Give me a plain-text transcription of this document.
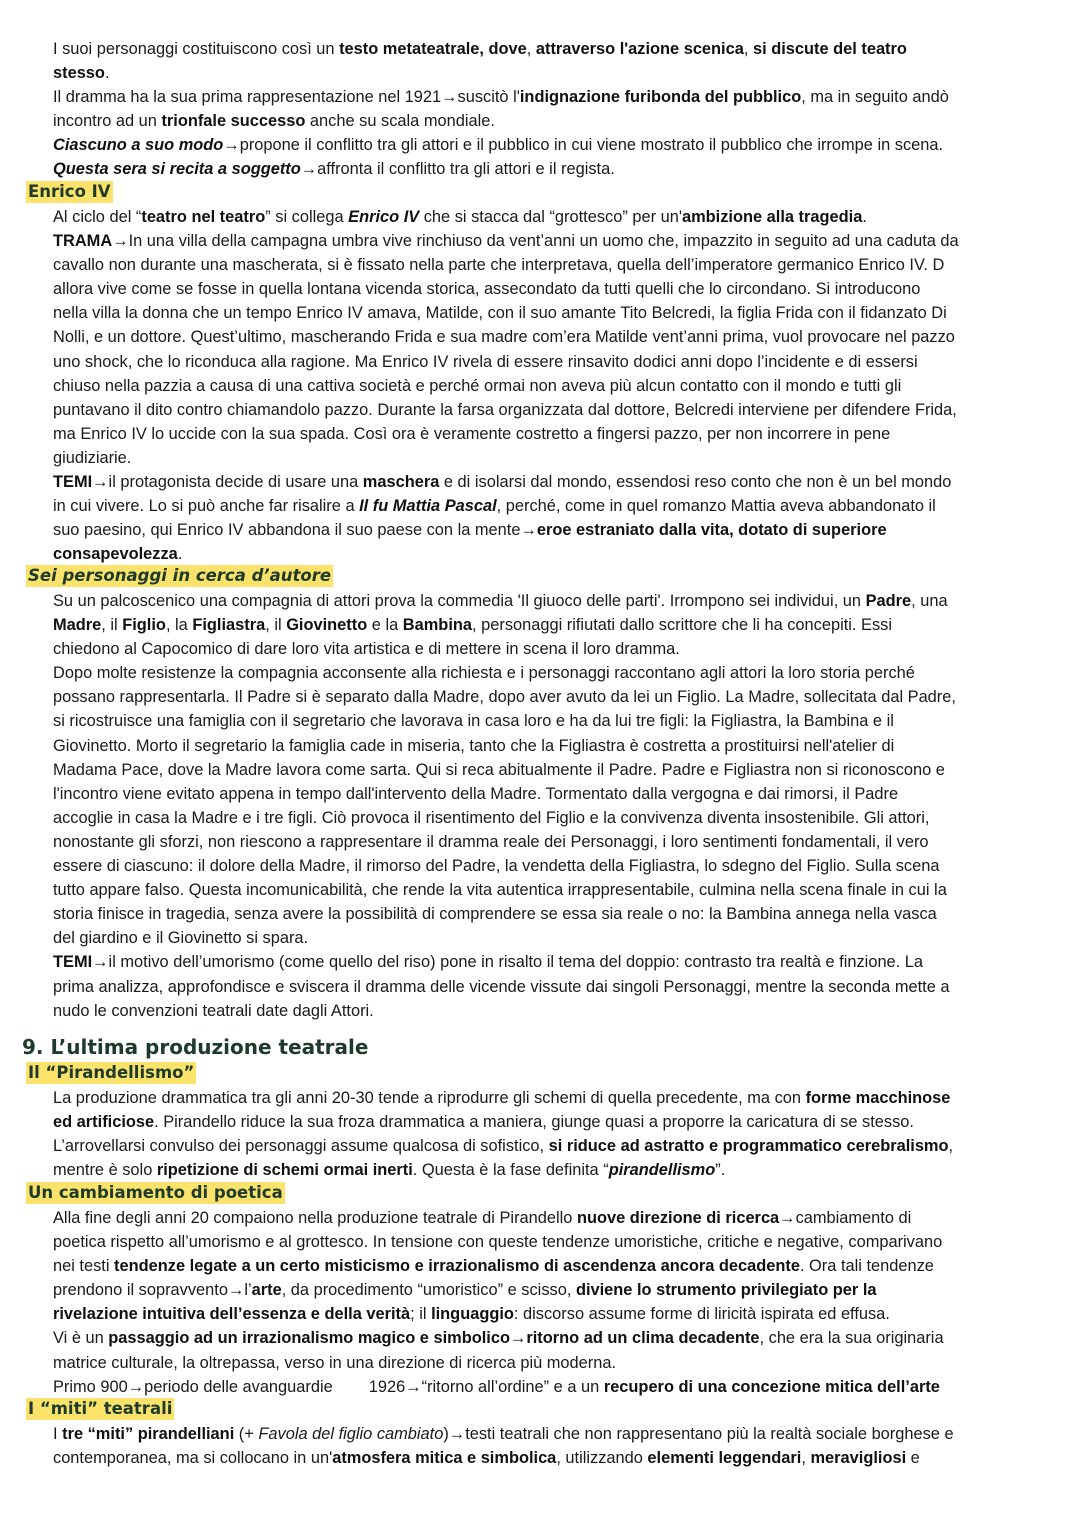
I suoi personaggi costituiscono così un testo metateatrale, dove, attraverso l'azione scenica, si discute del teatro
stesso.
Il dramma ha la sua prima rappresentazione nel 1921→suscitò l'indignazione furibonda del pubblico, ma in seguito andò
incontro ad un trionfale successo anche su scala mondiale.
Ciascuno a suo modo→propone il conflitto tra gli attori e il pubblico in cui viene mostrato il pubblico che irrompe in scena.
Questa sera si recita a soggetto→affronta il conflitto tra gli attori e il regista.
Enrico IV
Al ciclo del “teatro nel teatro” si collega Enrico IV che si stacca dal “grottesco” per un'ambizione alla tragedia.
TRAMA→In una villa della campagna umbra vive rinchiuso da vent’anni un uomo che, impazzito in seguito ad una caduta da
cavallo non durante una mascherata, si è fissato nella parte che interpretava, quella dell’imperatore germanico Enrico IV. D
allora vive come se fosse in quella lontana vicenda storica, assecondato da tutti quelli che lo circondano. Si introducono
nella villa la donna che un tempo Enrico IV amava, Matilde, con il suo amante Tito Belcredi, la figlia Frida con il fidanzato Di
Nolli, e un dottore. Quest’ultimo, mascherando Frida e sua madre com’era Matilde vent’anni prima, vuol provocare nel pazzo
uno shock, che lo riconduca alla ragione. Ma Enrico IV rivela di essere rinsavito dodici anni dopo l’incidente e di essersi
chiuso nella pazzia a causa di una cattiva società e perché ormai non aveva più alcun contatto con il mondo e tutti gli
puntavano il dito contro chiamandolo pazzo. Durante la farsa organizzata dal dottore, Belcredi interviene per difendere Frida,
ma Enrico IV lo uccide con la sua spada. Così ora è veramente costretto a fingersi pazzo, per non incorrere in pene
giudiziarie.
TEMI→il protagonista decide di usare una maschera e di isolarsi dal mondo, essendosi reso conto che non è un bel mondo
in cui vivere. Lo si può anche far risalire a Il fu Mattia Pascal, perché, come in quel romanzo Mattia aveva abbandonato il
suo paesino, qui Enrico IV abbandona il suo paese con la mente→eroe estraniato dalla vita, dotato di superiore
consapevolezza.
Sei personaggi in cerca d’autore
Su un palcoscenico una compagnia di attori prova la commedia 'Il giuoco delle parti'. Irrompono sei individui, un Padre, una
Madre, il Figlio, la Figliastra, il Giovinetto e la Bambina, personaggi rifiutati dallo scrittore che li ha concepiti. Essi
chiedono al Capocomico di dare loro vita artistica e di mettere in scena il loro dramma.
Dopo molte resistenze la compagnia acconsente alla richiesta e i personaggi raccontano agli attori la loro storia perché
possano rappresentarla. Il Padre si è separato dalla Madre, dopo aver avuto da lei un Figlio. La Madre, sollecitata dal Padre,
si ricostruisce una famiglia con il segretario che lavorava in casa loro e ha da lui tre figli: la Figliastra, la Bambina e il
Giovinetto. Morto il segretario la famiglia cade in miseria, tanto che la Figliastra è costretta a prostituirsi nell'atelier di
Madama Pace, dove la Madre lavora come sarta. Qui si reca abitualmente il Padre. Padre e Figliastra non si riconoscono e
l'incontro viene evitato appena in tempo dall'intervento della Madre. Tormentato dalla vergogna e dai rimorsi, il Padre
accoglie in casa la Madre e i tre figli. Ciò provoca il risentimento del Figlio e la convivenza diventa insostenibile. Gli attori,
nonostante gli sforzi, non riescono a rappresentare il dramma reale dei Personaggi, i loro sentimenti fondamentali, il vero
essere di ciascuno: il dolore della Madre, il rimorso del Padre, la vendetta della Figliastra, lo sdegno del Figlio. Sulla scena
tutto appare falso. Questa incomunicabilità, che rende la vita autentica irrappresentabile, culmina nella scena finale in cui la
storia finisce in tragedia, senza avere la possibilità di comprendere se essa sia reale o no: la Bambina annega nella vasca
del giardino e il Giovinetto si spara.
TEMI→il motivo dell’umorismo (come quello del riso) pone in risalto il tema del doppio: contrasto tra realtà e finzione. La
prima analizza, approfondisce e sviscera il dramma delle vicende vissute dai singoli Personaggi, mentre la seconda mette a
nudo le convenzioni teatrali date dagli Attori.
9. L’ultima produzione teatrale
Il “Pirandellismo”
La produzione drammatica tra gli anni 20-30 tende a riprodurre gli schemi di quella precedente, ma con forme macchinose
ed artificiose. Pirandello riduce la sua froza drammatica a maniera, giunge quasi a proporre la caricatura di se stesso.
L’arrovellarsi convulso dei personaggi assume qualcosa di sofistico, si riduce ad astratto e programmatico cerebralismo,
mentre è solo ripetizione di schemi ormai inerti. Questa è la fase definita “pirandellismo”.
Un cambiamento di poetica
Alla fine degli anni 20 compaiono nella produzione teatrale di Pirandello nuove direzione di ricerca→cambiamento di
poetica rispetto all’umorismo e al grottesco. In tensione con queste tendenze umoristiche, critiche e negative, comparivano
nei testi tendenze legate a un certo misticismo e irrazionalismo di ascendenza ancora decadente. Ora tali tendenze
prendono il sopravvento→l’arte, da procedimento “umoristico” e scisso, diviene lo strumento privilegiato per la
rivelazione intuitiva dell’essenza e della verità; il linguaggio: discorso assume forme di liricità ispirata ed effusa.
Vi è un passaggio ad un irrazionalismo magico e simbolico→ritorno ad un clima decadente, che era la sua originaria
matrice culturale, la oltrepassa, verso in una direzione di ricerca più moderna.
Primo 900→periodo delle avanguardie 1926→“ritorno all’ordine” e a un recupero di una concezione mitica dell’arte
I “miti” teatrali
I tre “miti” pirandelliani (+ Favola del figlio cambiato)→testi teatrali che non rappresentano più la realtà sociale borghese e
contemporanea, ma si collocano in un'atmosfera mitica e simbolica, utilizzando elementi leggendari, meravigliosi e
